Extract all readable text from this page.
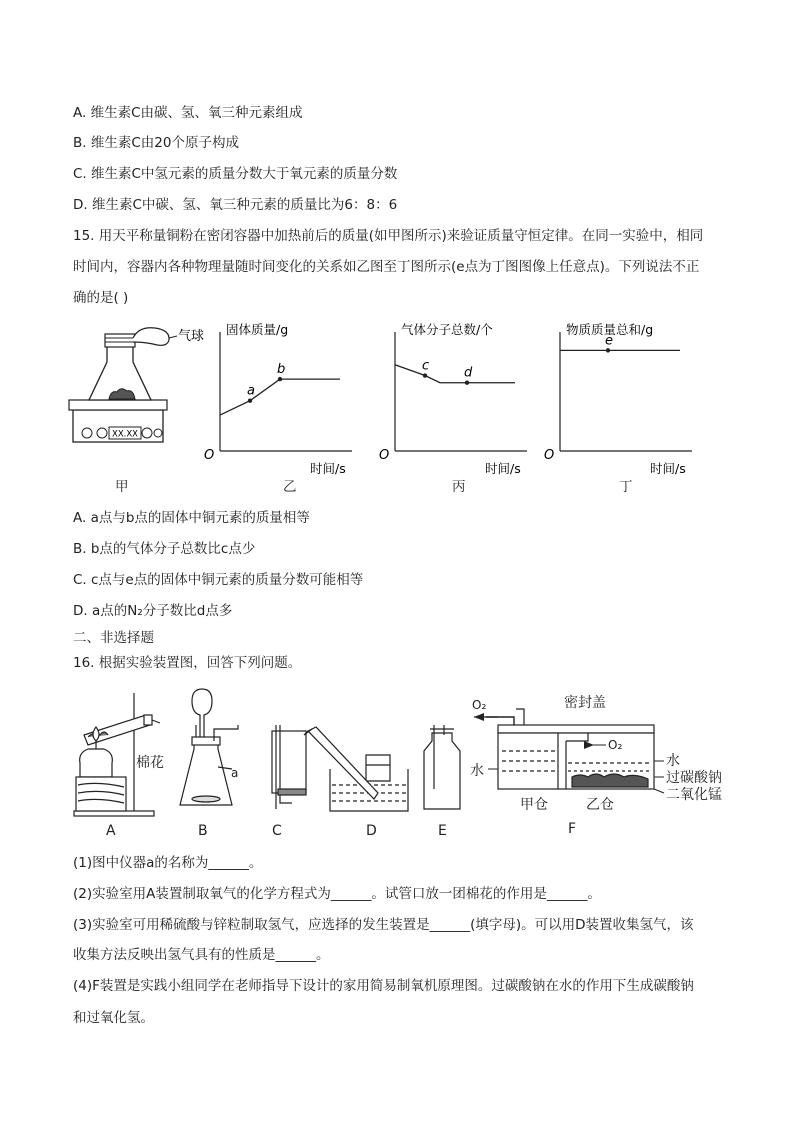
A. 维生素C由碳、氢、氧三种元素组成
B. 维生素C由20个原子构成
C. 维生素C中氢元素的质量分数大于氧元素的质量分数
D. 维生素C中碳、氢、氧三种元素的质量比为6：8：6
15. 用天平称量铜粉在密闭容器中加热前后的质量(如甲图所示)来验证质量守恒定律。在同一实验中，相同
时间内，容器内各种物理量随时间变化的关系如乙图至丁图所示(e点为丁图图像上任意点)。下列说法不正
确的是( )
XX.XX
气球
O
固体质量/g
时间/s
a
b
O
气体分子总数/个
时间/s
c	d
O
物质质量总和/g
时间/s
e
甲	乙	丙	丁
A. a点与b点的固体中铜元素的质量相等
B. b点的气体分子总数比c点少
C. c点与e点的固体中铜元素的质量分数可能相等
D. a点的N₂分子数比d点多
二、非选择题
16. 根据实验装置图，回答下列问题。
棉花
a
密封盖
O₂
O₂
水
水
过碳酸钠
二氧化锰
甲仓	乙仓
A	B	C	D	E	F
(1)图中仪器a的名称为______。
(2)实验室用A装置制取氧气的化学方程式为______。试管口放一团棉花的作用是______。
(3)实验室可用稀硫酸与锌粒制取氢气，应选择的发生装置是______(填字母)。可以用D装置收集氢气，该
收集方法反映出氢气具有的性质是______。
(4)F装置是实践小组同学在老师指导下设计的家用简易制氧机原理图。过碳酸钠在水的作用下生成碳酸钠
和过氧化氢。
